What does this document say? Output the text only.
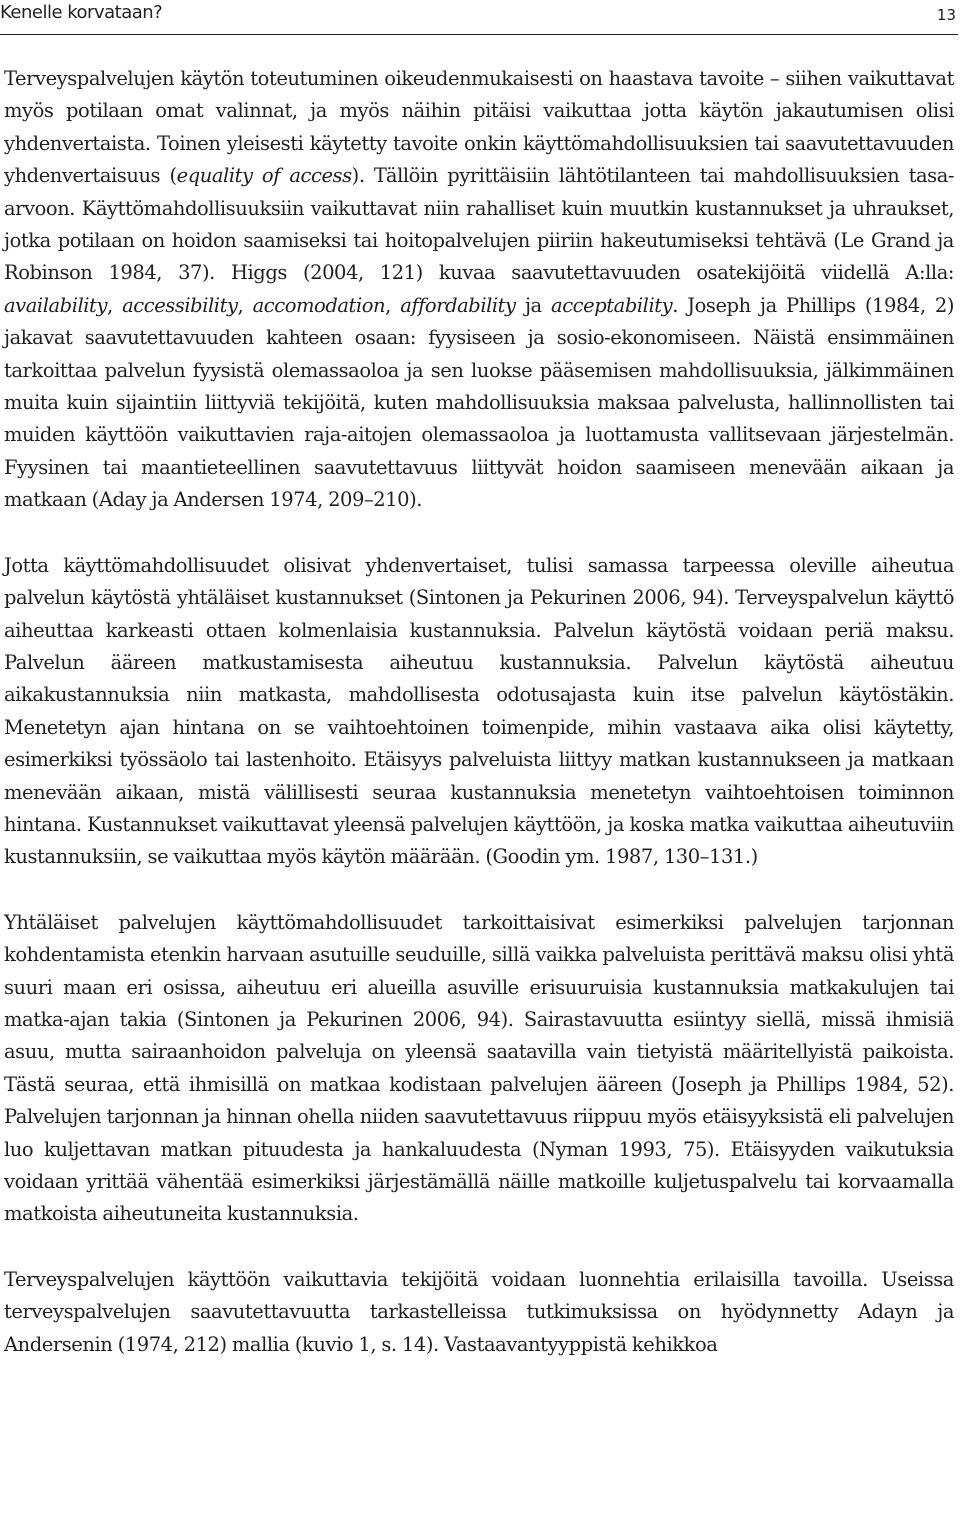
Kenelle korvataan?	13

Terveyspalvelujen käytön toteutuminen oikeudenmukaisesti on haastava tavoite – siihen vaikuttavat myös potilaan omat valinnat, ja myös näihin pitäisi vaikuttaa jotta käytön jakautumisen olisi yhdenvertaista. Toinen yleisesti käytetty tavoite onkin käyttömahdollisuuksien tai saavutettavuuden yhdenvertaisuus (equality of access). Tällöin pyrittäisiin lähtötilanteen tai mahdollisuuksien tasa-arvoon. Käyttömahdollisuuksiin vaikuttavat niin rahalliset kuin muutkin kustannukset ja uhraukset, jotka potilaan on hoidon saamiseksi tai hoitopalvelujen piiriin hakeutumiseksi tehtävä (Le Grand ja Robinson 1984, 37). Higgs (2004, 121) kuvaa saavutettavuuden osatekijöitä viidellä A:lla: availability, accessibility, accomodation, affordability ja acceptability. Joseph ja Phillips (1984, 2) jakavat saavutettavuuden kahteen osaan: fyysiseen ja sosio-ekonomiseen. Näistä ensimmäinen tarkoittaa palvelun fyysistä olemassaoloa ja sen luokse pääsemisen mahdollisuuksia, jälkimmäinen muita kuin sijaintiin liittyviä tekijöitä, kuten mahdollisuuksia maksaa palvelusta, hallinnollisten tai muiden käyttöön vaikuttavien raja-aitojen olemassaoloa ja luottamusta vallitsevaan järjestelmän. Fyysinen tai maantieteellinen saavutettavuus liittyvät hoidon saamiseen menevään aikaan ja matkaan (Aday ja Andersen 1974, 209–210).

Jotta käyttömahdollisuudet olisivat yhdenvertaiset, tulisi samassa tarpeessa oleville aiheutua palvelun käytöstä yhtäläiset kustannukset (Sintonen ja Pekurinen 2006, 94). Terveyspalvelun käyttö aiheuttaa karkeasti ottaen kolmenlaisia kustannuksia. Palvelun käytöstä voidaan periä maksu. Palvelun ääreen matkustamisesta aiheutuu kustannuksia. Palvelun käytöstä aiheutuu aikakustannuksia niin matkasta, mahdollisesta odotusajasta kuin itse palvelun käytöstäkin. Menetetyn ajan hintana on se vaihtoehtoinen toimenpide, mihin vastaava aika olisi käytetty, esimerkiksi työssäolo tai lastenhoito. Etäisyys palveluista liittyy matkan kustannukseen ja matkaan menevään aikaan, mistä välillisesti seuraa kustannuksia menetetyn vaihtoehtoisen toiminnon hintana. Kustannukset vaikuttavat yleensä palvelujen käyttöön, ja koska matka vaikuttaa aiheutuviin kustannuksiin, se vaikuttaa myös käytön määrään. (Goodin ym. 1987, 130–131.)

Yhtäläiset palvelujen käyttömahdollisuudet tarkoittaisivat esimerkiksi palvelujen tarjonnan kohdentamista etenkin harvaan asutuille seuduille, sillä vaikka palveluista perittävä maksu olisi yhtä suuri maan eri osissa, aiheutuu eri alueilla asuville erisuuruisia kustannuksia matkakulujen tai matka-ajan takia (Sintonen ja Pekurinen 2006, 94). Sairastavuutta esiintyy siellä, missä ihmisiä asuu, mutta sairaanhoidon palveluja on yleensä saatavilla vain tietyistä määritellyistä paikoista. Tästä seuraa, että ihmisillä on matkaa kodistaan palvelujen ääreen (Joseph ja Phillips 1984, 52). Palvelujen tarjonnan ja hinnan ohella niiden saavutettavuus riippuu myös etäisyyksistä eli palvelujen luo kuljettavan matkan pituudesta ja hankaluudesta (Nyman 1993, 75). Etäisyyden vaikutuksia voidaan yrittää vähentää esimerkiksi järjestämällä näille matkoille kuljetuspalvelu tai korvaamalla matkoista aiheutuneita kustannuksia.

Terveyspalvelujen käyttöön vaikuttavia tekijöitä voidaan luonnehtia erilaisilla tavoilla. Useissa terveyspalvelujen saavutettavuutta tarkastelleissa tutkimuksissa on hyödynnetty Adayn ja Andersenin (1974, 212) mallia (kuvio 1, s. 14). Vastaavantyyppistä kehikkoa
